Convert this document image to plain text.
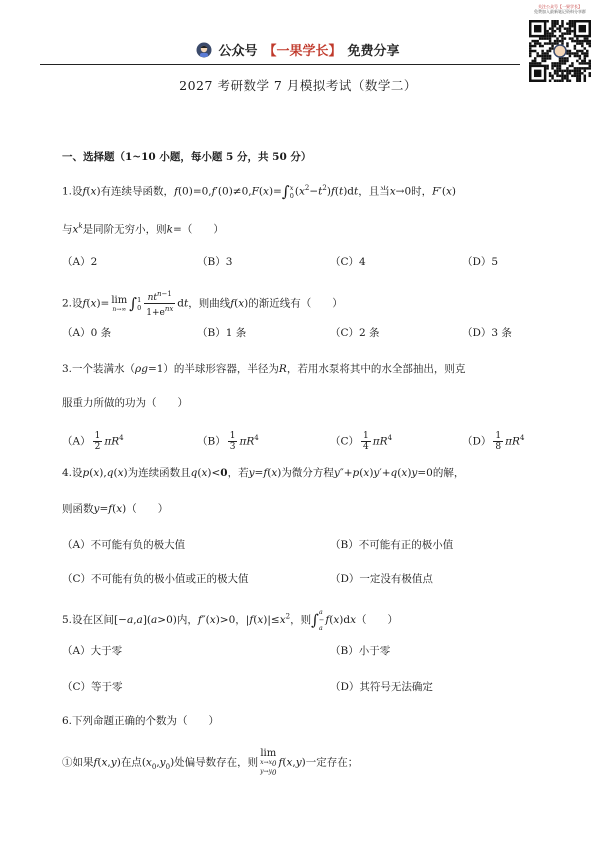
公众号 【一果学长】 免费分享
关注公众号【一果学长】
免费加入最新笔记资料分享群
2027 考研数学 7 月模拟考试（数学二）
一、选择题（1~10 小题，每小题 5 分，共 50 分）
1.设f(x)有连续导函数，f(0)=0,f′(0)≠0,F(x)=∫ x
0 $(x^2-t^2)f(t)dt$，且当x→0时，F′(x)
与$x^k$是同阶无穷小，则k=（　　）
（A）2	（B）3	（C）4	（D）5
2.设f(x)= lim
n→∞ ∫ 1
$0 \frac{nt^{n-1}}{1+e^{nx}}$ dt，则曲线f(x)的渐近线有（　　）
（A）0 条	（B）1 条	（C）2 条	（D）3 条
3.一个装满水（ρg=1）的半球形容器，半径为R，若用水泵将其中的水全部抽出，则克
服重力所做的功为（　　）
$(A) \frac{1}{2} \pi R^4$	$(B) \frac{1}{3} \pi R^4$	$(C) \frac{1}{4} \pi R^4$	$(D) \frac{1}{8} \pi R^4$
4.设p(x),q(x)为连续函数且q(x)<0，若y=f(x)为微分方程y″+p(x)y′+q(x)y=0的解，
则函数y=f(x)（　　）
（A）不可能有负的极大值	（B）不可能有正的极小值
（C）不可能有负的极小值或正的极大值	（D）一定没有极值点
5.设在区间[−a,a](a>0)内，f″(x)>0，$|f(x)|\le x^2$，则∫ a
−
a
f(x)dx（　　）
（A）大于零	（B）小于零
（C）等于零	（D）其符号无法确定
6.下列命题正确的个数为（　　）
①如果f(x,y)在点$(x_0,y_0)$处偏导数存在，则
lim
$x\to x_0$
$y\to y_0$
f(x,y)一定存在；
